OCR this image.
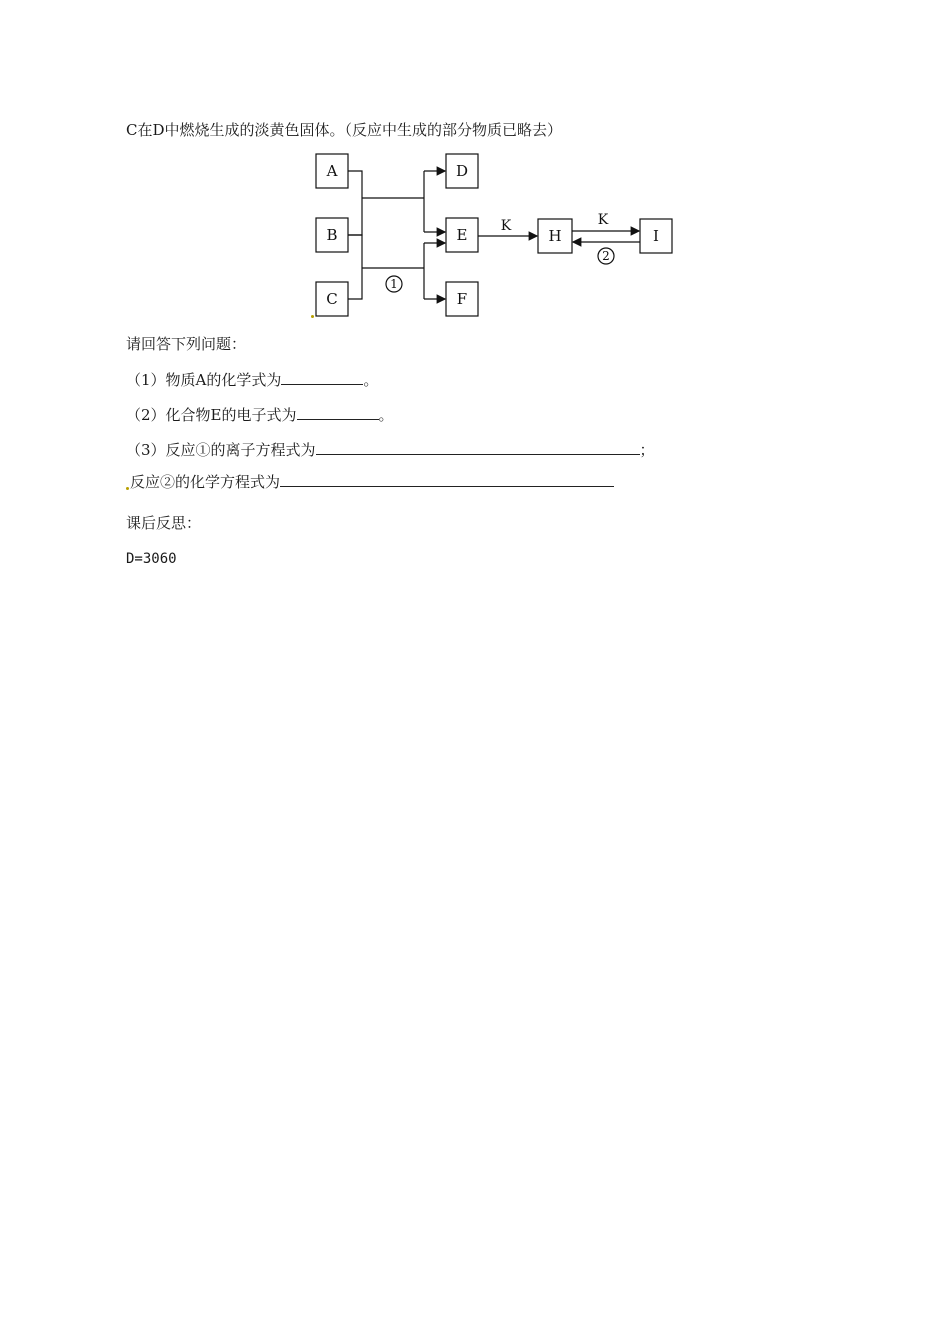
C在D中燃烧生成的淡黄色固体。（反应中生成的部分物质已略去）
A
B
C
D
E
F
H	I
K	K
1
2
请回答下列问题：
（1）物质A的化学式为	。
（2）化合物E的电子式为	。
（3）反应①的离子方程式为	；
反应②的化学方程式为
课后反思：
D=3060
